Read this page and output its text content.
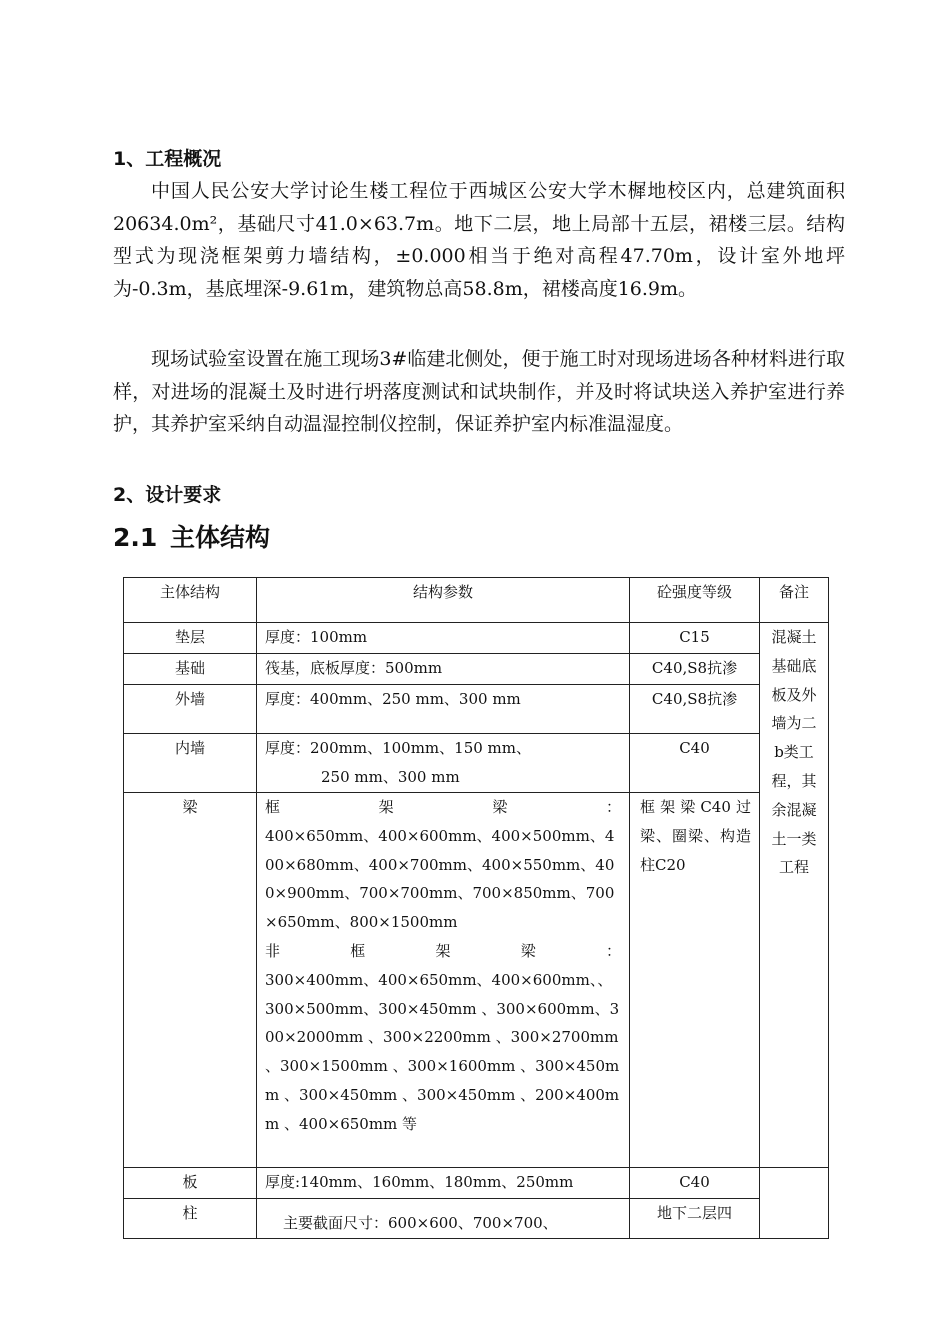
1、工程概况

中国人民公安大学讨论生楼工程位于西城区公安大学木樨地校区内，总建筑面积20634.0m²，基础尺寸41.0×63.7m。地下二层，地上局部十五层，裙楼三层。结构型式为现浇框架剪力墙结构，±0.000相当于绝对高程47.70m，设计室外地坪为-0.3m，基底埋深-9.61m，建筑物总高58.8m，裙楼高度16.9m。

现场试验室设置在施工现场3#临建北侧处，便于施工时对现场进场各种材料进行取样，对进场的混凝土及时进行坍落度测试和试块制作，并及时将试块送入养护室进行养护，其养护室采纳自动温湿控制仪控制，保证养护室内标准温湿度。

2、设计要求
2.1 主体结构
主体结构	结构参数	砼强度等级	备注
垫层	厚度：100mm	C15	混凝土基础底板及外墙为二b类工程，其余混凝土一类工程
基础	筏基，底板厚度：500mm	C40,S8抗渗	
外墙	厚度：400mm、250 mm、300 mm	C40,S8抗渗	
内墙	厚度：200mm、100mm、150 mm、
250 mm、300 mm	C40	
梁	框架梁：
400×650mm、400×600mm、400×500mm、400×680mm、400×700mm、400×550mm、400×900mm、700×700mm、700×850mm、700×650mm、800×1500mm
非框架梁：
300×400mm、400×650mm、400×600mm、、300×500mm、300×450mm 、300×600mm、300×2000mm 、300×2200mm 、300×2700mm 、300×1500mm 、300×1600mm 、300×450mm 、300×450mm 、300×450mm 、200×400mm 、400×650mm 等	框架梁C40过梁、圈梁、构造柱C20	
板	厚度:140mm、160mm、180mm、250mm	C40	
柱	主要截面尺寸：600×600、700×700、	地下二层四	
